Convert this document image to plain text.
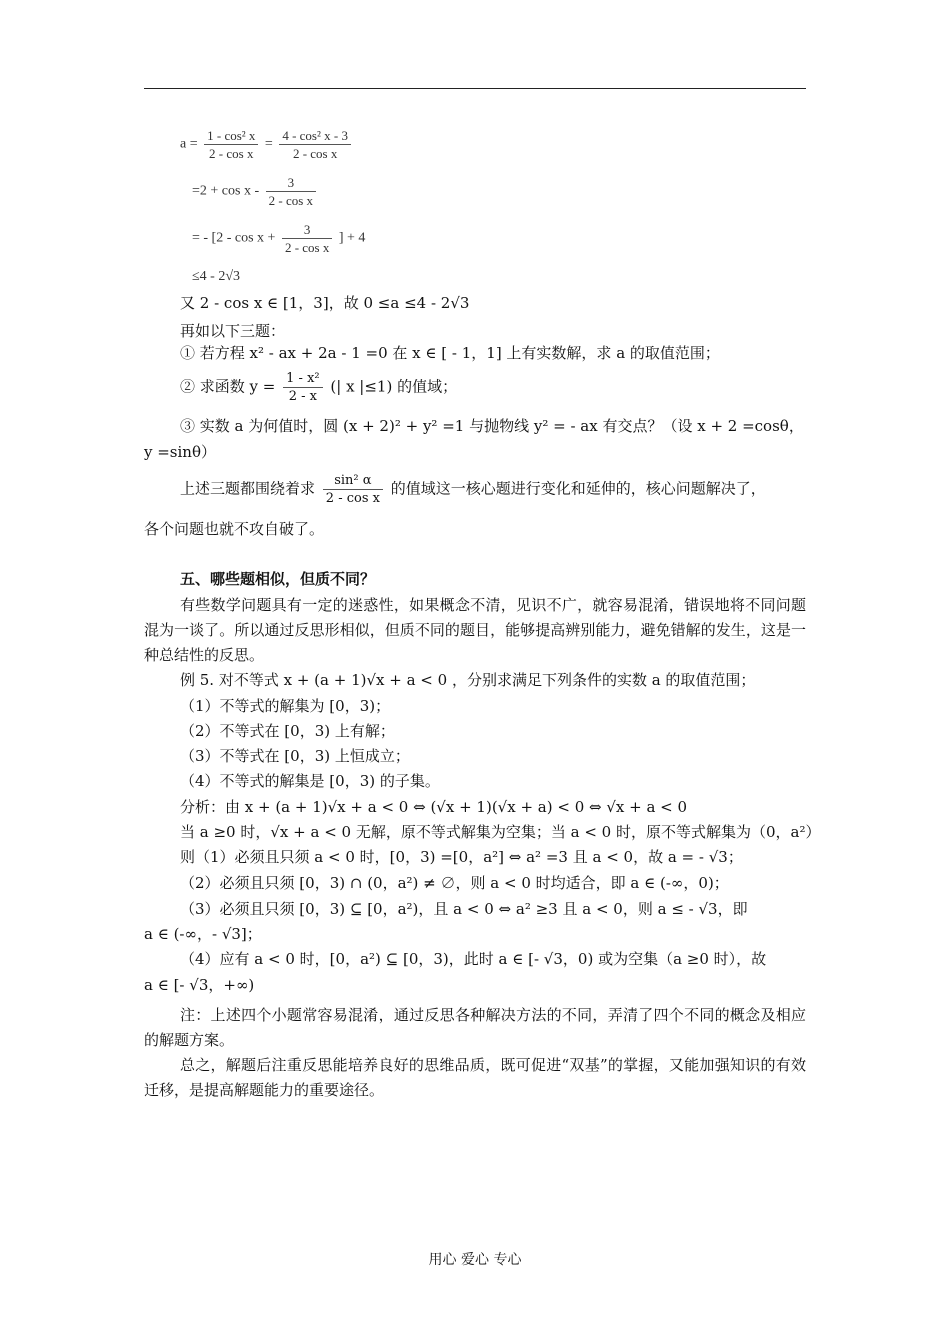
$a = \frac{\text{1 - cos² x}}{\text{2 - cos x}} = \frac{\text{4 - cos² x - 3}}{\text{2 - cos x}}$
$=2 + \cos x - \frac{3}{\text{2 - cos x}}$
= - [$2 - \cos x + \frac{3}{\text{2 - cos x}}$ ] + 4
≤4 - 2√3
又 2 - cos x ∈ [1，3]，故 0 ≤a ≤4 - 2√3
再如以下三题：
① 若方程 x² - ax + 2a - 1 =0 在 x ∈ [ - 1，1] 上有实数解，求 a 的取值范围；
② 求函数 $y = \frac{\text{1 - x²}}{2 - x}$ (| x |≤1) 的值域；
③ 实数 a 为何值时，圆 (x + 2)² + y² =1 与抛物线 y² = - ax 有交点？（设 x + 2 =cosθ，
y =sinθ）
上述三题都围绕着求 $\frac{\text{sin² α}}{\text{2 - cos x}}$ 的值域这一核心题进行变化和延伸的，核心问题解决了，
各个问题也就不攻自破了。
五、哪些题相似，但质不同？
有些数学问题具有一定的迷惑性，如果概念不清，见识不广，就容易混淆，错误地将不同问题混为一谈了。所以通过反思形相似，但质不同的题目，能够提高辨别能力，避免错解的发生，这是一种总结性的反思。
例 5. 对不等式 x + (a + 1)√x + a < 0 ，分别求满足下列条件的实数 a 的取值范围；
（1）不等式的解集为 [0，3)；
（2）不等式在 [0，3) 上有解；
（3）不等式在 [0，3) 上恒成立；
（4）不等式的解集是 [0，3) 的子集。
分析：由 x + (a + 1)√x + a < 0 ⇔ (√x + 1)(√x + a) < 0 ⇔ √x + a < 0
当 a ≥0 时，√x + a < 0 无解，原不等式解集为空集；当 a < 0 时，原不等式解集为（0，a²）
则（1）必须且只须 a < 0 时，[0，3) =[0，a²] ⇔ a² =3 且 a < 0，故 a = - √3；
（2）必须且只须 [0，3) ∩ (0，a²) ≠ ∅，则 a < 0 时均适合，即 a ∈ (-∞，0)；
（3）必须且只须 [0，3) ⊆ [0，a²)，且 a < 0 ⇔ a² ≥3 且 a < 0，则 a ≤ - √3，即
a ∈ (-∞，- √3]；
（4）应有 a < 0 时，[0，a²) ⊆ [0，3)，此时 a ∈ [- √3，0) 或为空集（a ≥0 时），故
a ∈ [- √3，+∞)
注：上述四个小题常容易混淆，通过反思各种解决方法的不同，弄清了四个不同的概念及相应的解题方案。
总之，解题后注重反思能培养良好的思维品质，既可促进“双基”的掌握，又能加强知识的有效迁移，是提高解题能力的重要途径。
用心 爱心 专心
